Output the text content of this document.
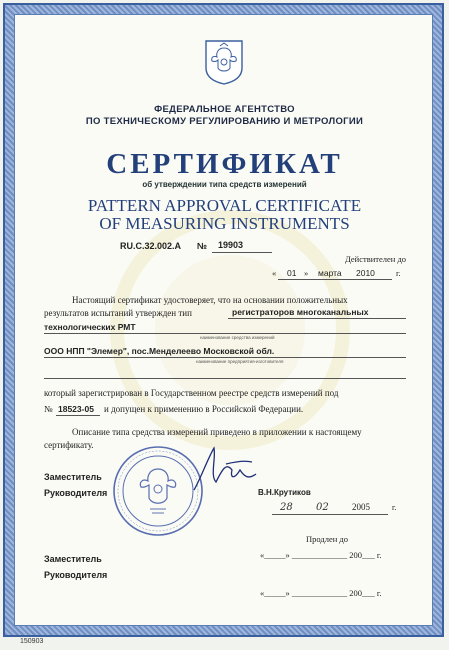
ФЕДЕРАЛЬНОЕ АГЕНТСТВО
ПО ТЕХНИЧЕСКОМУ РЕГУЛИРОВАНИЮ И МЕТРОЛОГИИ
СЕРТИФИКАТ
об утверждении типа средств измерений
PATTERN APPROVAL CERTIFICATE
OF MEASURING INSTRUMENTS
RU.C.32.002.A № 19903
Действителен до
« 01 » марта 2010 г.
Настоящий сертификат удостоверяет, что на основании положительных
результатов испытаний утвержден тип	регистраторов многоканальных
технологических РМТ
наименование средства измерений
ООО НПП "Элемер", пос.Менделеево Московской обл.
наименование предприятия-изготовителя
который зарегистрирован в Государственном реестре средств измерений под
№ 18523-05 и допущен к применению в Российской Федерации.
Описание типа средства измерений приведено в приложении к настоящему
сертификату.
Заместитель
Руководителя	В.Н.Крутиков
28 02	2005	г.
Продлен до
«_____» _____________ 200___ г.
Заместитель
Руководителя
«_____» _____________ 200___ г.
150903
